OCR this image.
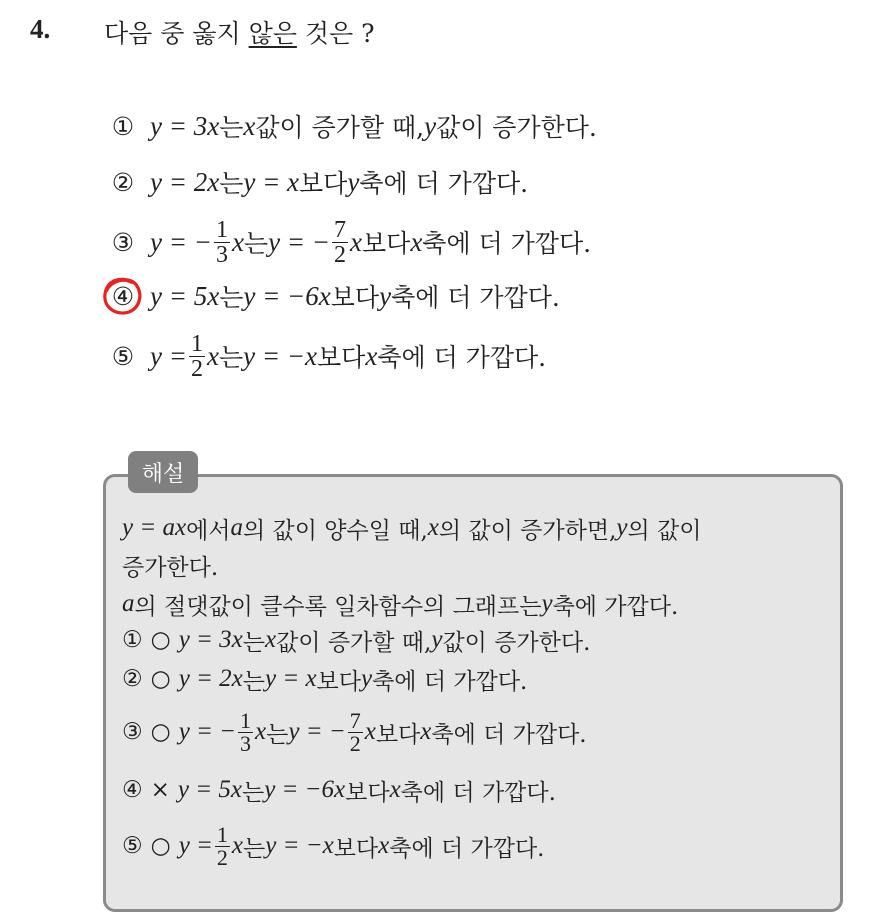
4. 다음 중 옳지 않은 것은 ?
① y = 3x 는 x 값이 증가할 때, y 값이 증가한다.
② y = 2x 는 y = x 보다 y 축에 더 가깝다.
③ y = − $\frac{1}{3}$ x 는 y = − $\frac{7}{2}$ x 보다 x 축에 더 가깝다.
④ y = 5x 는 y = −6x 보다 y 축에 더 가깝다.
⑤ $y = \frac{1}{2}$ x 는 y = −x 보다 x 축에 더 가깝다.
해설
y = ax 에서 a 의 값이 양수일 때, x 의 값이 증가하면, y 의 값이
증가한다.
a 의 절댓값이 클수록 일차함수의 그래프는 y 축에 가깝다.
① ○ y = 3x 는 x 값이 증가할 때, y 값이 증가한다.
② ○ y = 2x 는 y = x 보다 y 축에 더 가깝다.
③ ○ y = − $\frac{1}{3}$ x 는 y = − $\frac{7}{2}$ x 보다 x 축에 더 가깝다.
④ × y = 5x 는 y = −6x 보다 x 축에 더 가깝다.
⑤ ○ $y = \frac{1}{2}$ x 는 y = −x 보다 x 축에 더 가깝다.
